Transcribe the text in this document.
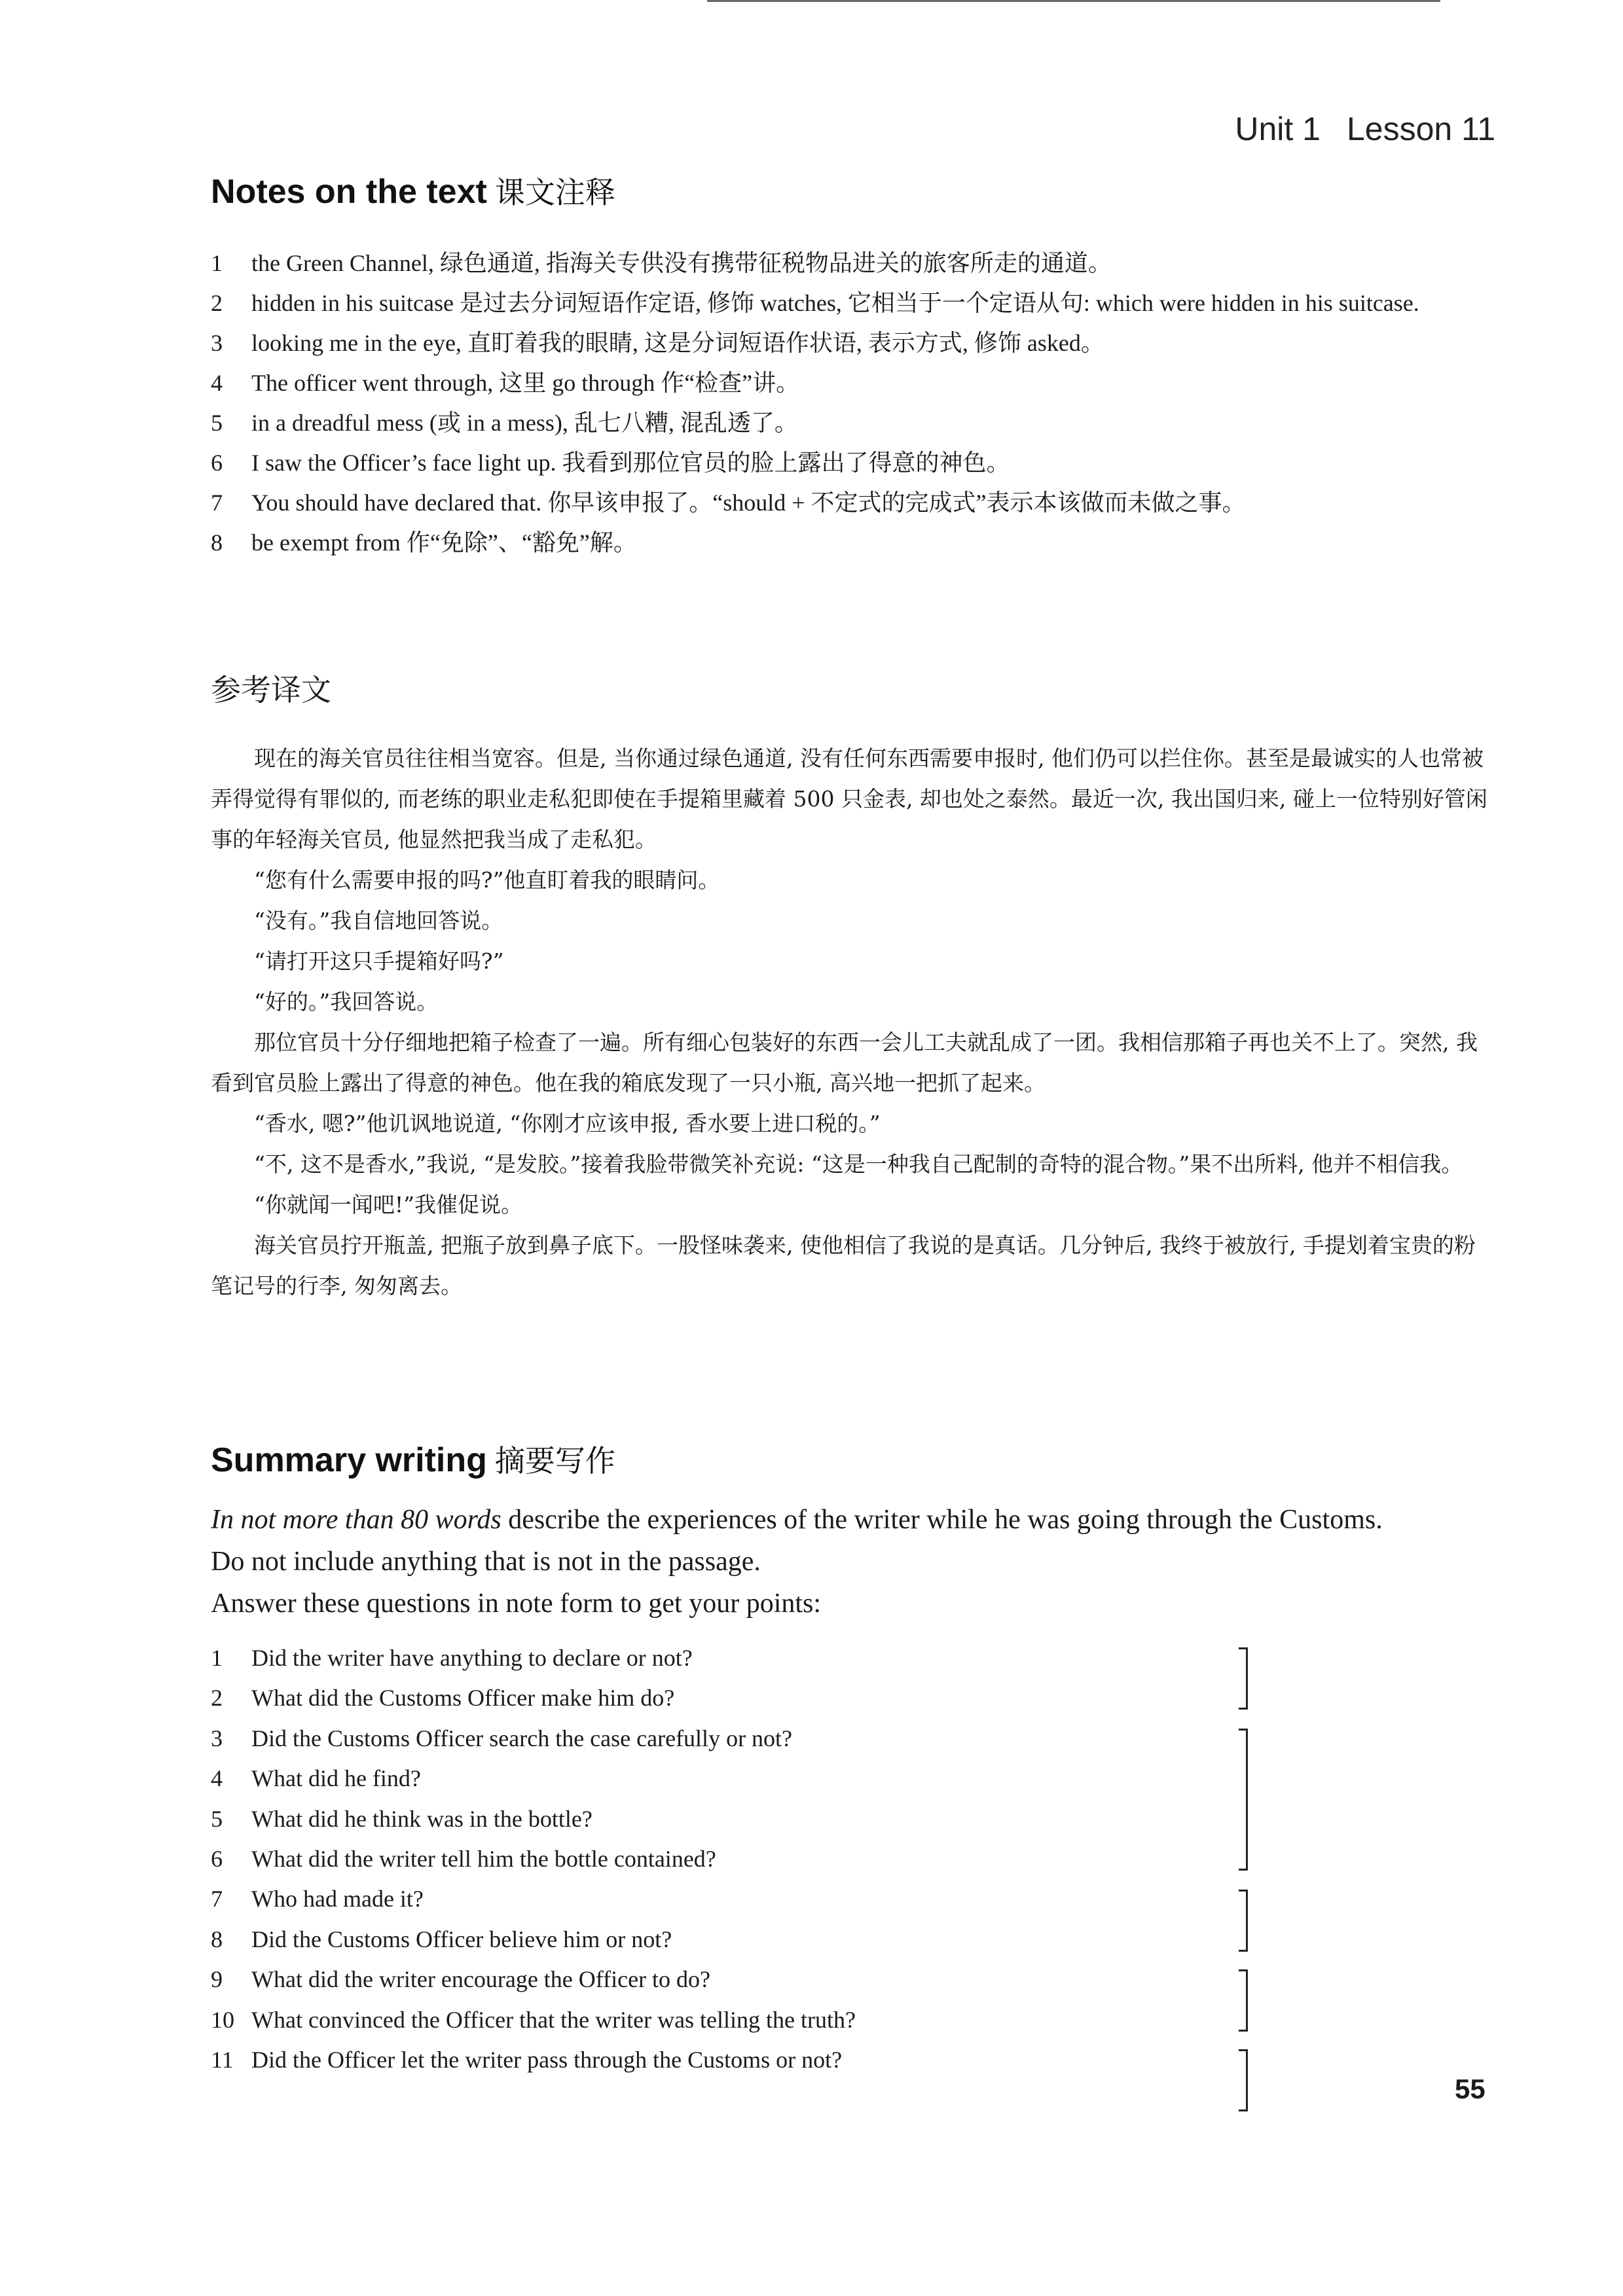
Unit 1 Lesson 11
Notes on the text 课文注释
1 the Green Channel, 绿色通道, 指海关专供没有携带征税物品进关的旅客所走的通道。
2 hidden in his suitcase 是过去分词短语作定语, 修饰 watches, 它相当于一个定语从句: which were hidden in his suitcase.
3 looking me in the eye, 直盯着我的眼睛, 这是分词短语作状语, 表示方式, 修饰 asked。
4 The officer went through, 这里 go through 作“检查”讲。
5 in a dreadful mess (或 in a mess), 乱七八糟, 混乱透了。
6 I saw the Officer’s face light up. 我看到那位官员的脸上露出了得意的神色。
7 You should have declared that. 你早该申报了。“should + 不定式的完成式”表示本该做而未做之事。
8 be exempt from 作“免除”、“豁免”解。
参考译文

现在的海关官员往往相当宽容。但是, 当你通过绿色通道, 没有任何东西需要申报时, 他们仍可以拦住你。甚至是最诚实的人也常被弄得觉得有罪似的, 而老练的职业走私犯即使在手提箱里藏着 500 只金表, 却也处之泰然。最近一次, 我出国归来, 碰上一位特别好管闲事的年轻海关官员, 他显然把我当成了走私犯。

“您有什么需要申报的吗?”他直盯着我的眼睛问。

“没有。”我自信地回答说。

“请打开这只手提箱好吗?”

“好的。”我回答说。

那位官员十分仔细地把箱子检查了一遍。所有细心包装好的东西一会儿工夫就乱成了一团。我相信那箱子再也关不上了。突然, 我看到官员脸上露出了得意的神色。他在我的箱底发现了一只小瓶, 高兴地一把抓了起来。

“香水, 嗯?”他讥讽地说道, “你刚才应该申报, 香水要上进口税的。”

“不, 这不是香水,”我说, “是发胶。”接着我脸带微笑补充说: “这是一种我自己配制的奇特的混合物。”果不出所料, 他并不相信我。

“你就闻一闻吧!”我催促说。

海关官员拧开瓶盖, 把瓶子放到鼻子底下。一股怪味袭来, 使他相信了我说的是真话。几分钟后, 我终于被放行, 手提划着宝贵的粉笔记号的行李, 匆匆离去。

Summary writing 摘要写作

In not more than 80 words describe the experiences of the writer while he was going through the Customs.

Do not include anything that is not in the passage.

Answer these questions in note form to get your points:

1 Did the writer have anything to declare or not?
2 What did the Customs Officer make him do?
3 Did the Customs Officer search the case carefully or not?
4 What did he find?
5 What did he think was in the bottle?
6 What did the writer tell him the bottle contained?
7 Who had made it?
8 Did the Customs Officer believe him or not?
9 What did the writer encourage the Officer to do?
10 What convinced the Officer that the writer was telling the truth?
11 Did the Officer let the writer pass through the Customs or not?
55
